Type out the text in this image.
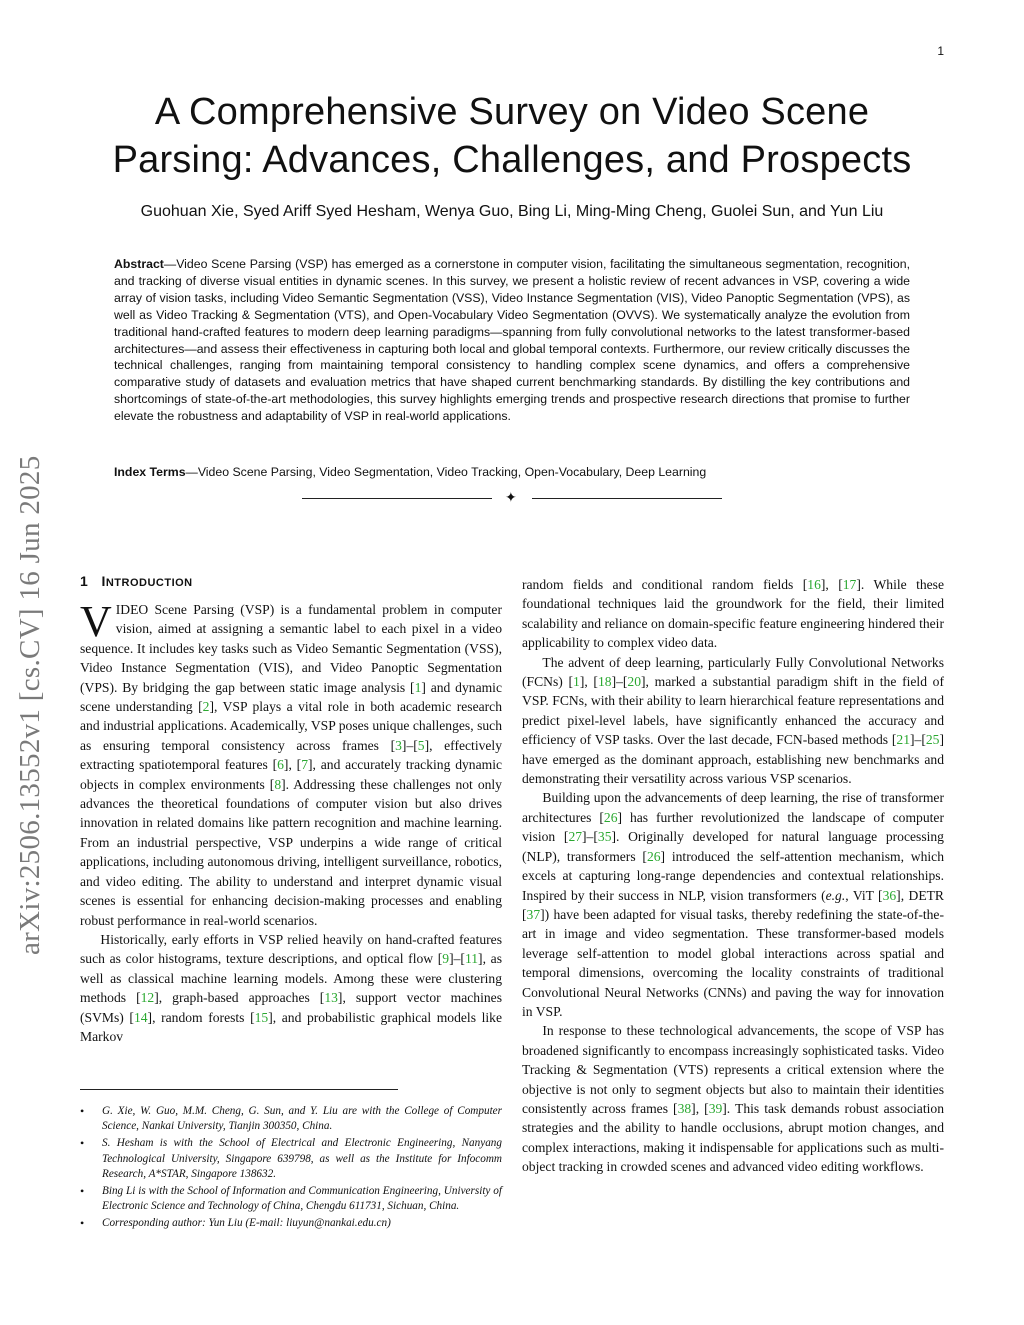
1
A Comprehensive Survey on Video Scene
Parsing: Advances, Challenges, and Prospects
Guohuan Xie, Syed Ariff Syed Hesham, Wenya Guo, Bing Li, Ming-Ming Cheng, Guolei Sun, and Yun Liu
Abstract—Video Scene Parsing (VSP) has emerged as a cornerstone in computer vision, facilitating the simultaneous segmentation, recognition, and tracking of diverse visual entities in dynamic scenes. In this survey, we present a holistic review of recent advances in VSP, covering a wide array of vision tasks, including Video Semantic Segmentation (VSS), Video Instance Segmentation (VIS), Video Panoptic Segmentation (VPS), as well as Video Tracking & Segmentation (VTS), and Open-Vocabulary Video Segmentation (OVVS). We systematically analyze the evolution from traditional hand-crafted features to modern deep learning paradigms—spanning from fully convolutional networks to the latest transformer-based architectures—and assess their effectiveness in capturing both local and global temporal contexts. Furthermore, our review critically discusses the technical challenges, ranging from maintaining temporal consistency to handling complex scene dynamics, and offers a comprehensive comparative study of datasets and evaluation metrics that have shaped current benchmarking standards. By distilling the key contributions and shortcomings of state-of-the-art methodologies, this survey highlights emerging trends and prospective research directions that promise to further elevate the robustness and adaptability of VSP in real-world applications.
Index Terms—Video Scene Parsing, Video Segmentation, Video Tracking, Open-Vocabulary, Deep Learning
✦
arXiv:2506.13552v1 [cs.CV] 16 Jun 2025 1 INTRODUCTION

VIDEO Scene Parsing (VSP) is a fundamental problem in computer vision, aimed at assigning a semantic label to each pixel in a video sequence. It includes key tasks such as Video Semantic Segmentation (VSS), Video Instance Segmentation (VIS), and Video Panoptic Segmentation (VPS). By bridging the gap between static image analysis [1] and dynamic scene understanding [2], VSP plays a vital role in both academic research and industrial applications. Academically, VSP poses unique challenges, such as ensuring temporal consistency across frames [3]–[5], effectively extracting spatiotemporal features [6], [7], and accurately tracking dynamic objects in complex environments [8]. Addressing these challenges not only advances the theoretical foundations of computer vision but also drives innovation in related domains like pattern recognition and machine learning. From an industrial perspective, VSP underpins a wide range of critical applications, including autonomous driving, intelligent surveillance, robotics, and video editing. The ability to understand and interpret dynamic visual scenes is essential for enhancing decision-making processes and enabling robust performance in real-world scenarios.

Historically, early efforts in VSP relied heavily on hand-crafted features such as color histograms, texture descriptions, and optical flow [9]–[11], as well as classical machine learning models. Among these were clustering methods [12], graph-based approaches [13], support vector machines (SVMs) [14], random forests [15], and probabilistic graphical models like Markov

random fields and conditional random fields [16], [17]. While these foundational techniques laid the groundwork for the field, their limited scalability and reliance on domain-specific feature engineering hindered their applicability to complex video data.

The advent of deep learning, particularly Fully Convolutional Networks (FCNs) [1], [18]–[20], marked a substantial paradigm shift in the field of VSP. FCNs, with their ability to learn hierarchical feature representations and predict pixel-level labels, have significantly enhanced the accuracy and efficiency of VSP tasks. Over the last decade, FCN-based methods [21]–[25] have emerged as the dominant approach, establishing new benchmarks and demonstrating their versatility across various VSP scenarios.

Building upon the advancements of deep learning, the rise of transformer architectures [26] has further revolutionized the landscape of computer vision [27]–[35]. Originally developed for natural language processing (NLP), transformers [26] introduced the self-attention mechanism, which excels at capturing long-range dependencies and contextual relationships. Inspired by their success in NLP, vision transformers (e.g., ViT [36], DETR [37]) have been adapted for visual tasks, thereby redefining the state-of-the-art in image and video segmentation. These transformer-based models leverage self-attention to model global interactions across spatial and temporal dimensions, overcoming the locality constraints of traditional Convolutional Neural Networks (CNNs) and paving the way for innovation in VSP.

In response to these technological advancements, the scope of VSP has broadened significantly to encompass increasingly sophisticated tasks. Video Tracking & Segmentation (VTS) represents a critical extension where the objective is not only to segment objects but also to maintain their identities consistently across frames [38], [39]. This task demands robust association strategies and the ability to handle occlusions, abrupt motion changes, and complex interactions, making it indispensable for applications such as multi-object tracking in crowded scenes and advanced video editing workflows.

• G. Xie, W. Guo, M.M. Cheng, G. Sun, and Y. Liu are with the College of Computer Science, Nankai University, Tianjin 300350, China.
• S. Hesham is with the School of Electrical and Electronic Engineering, Nanyang Technological University, Singapore 639798, as well as the Institute for Infocomm Research, A*STAR, Singapore 138632.
• Bing Li is with the School of Information and Communication Engineering, University of Electronic Science and Technology of China, Chengdu 611731, Sichuan, China.
• Corresponding author: Yun Liu (E-mail: liuyun@nankai.edu.cn)
